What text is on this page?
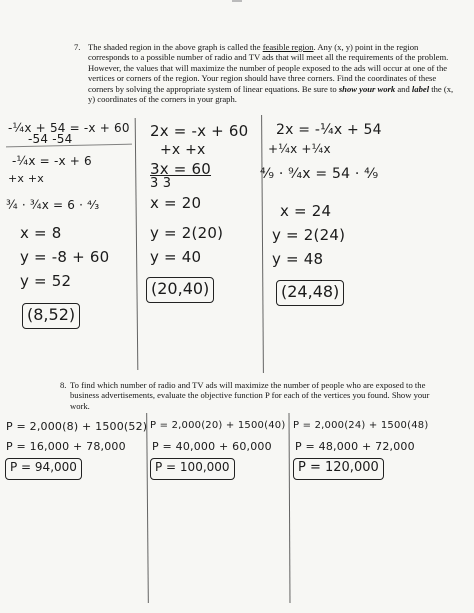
7. The shaded region in the above graph is called the feasible region. Any (x, y) point in the region corresponds to a possible number of radio and TV ads that will meet all the requirements of the problem. However, the values that will maximize the number of people exposed to the ads will occur at one of the vertices or corners of the region. Your region should have three corners. Find the coordinates of these corners by solving the appropriate system of linear equations. Be sure to show your work and label the (x, y) coordinates of the corners in your graph.
-¼x + 54 = -x + 60
-54 -54
-¼x = -x + 6
+x +x
¾ · ¾x = 6 · ⁴⁄₃
x = 8
y = -8 + 60
y = 52
(8,52)
2x = -x + 60
+x +x
3x = 60
3 3
x = 20
y = 2(20)
y = 40
(20,40)
2x = -¼x + 54
+¼x +¼x
⁴⁄₉ · ⁹⁄₄x = 54 · ⁴⁄₉
x = 24
y = 2(24)
y = 48
(24,48)
8. To find which number of radio and TV ads will maximize the number of people who are exposed to the business advertisements, evaluate the objective function P for each of the vertices you found. Show your work.
P = 2,000(8) + 1500(52)
P = 16,000 + 78,000
P = 94,000
P = 2,000(20) + 1500(40)
P = 40,000 + 60,000
P = 100,000
P = 2,000(24) + 1500(48)
P = 48,000 + 72,000
P = 120,000
